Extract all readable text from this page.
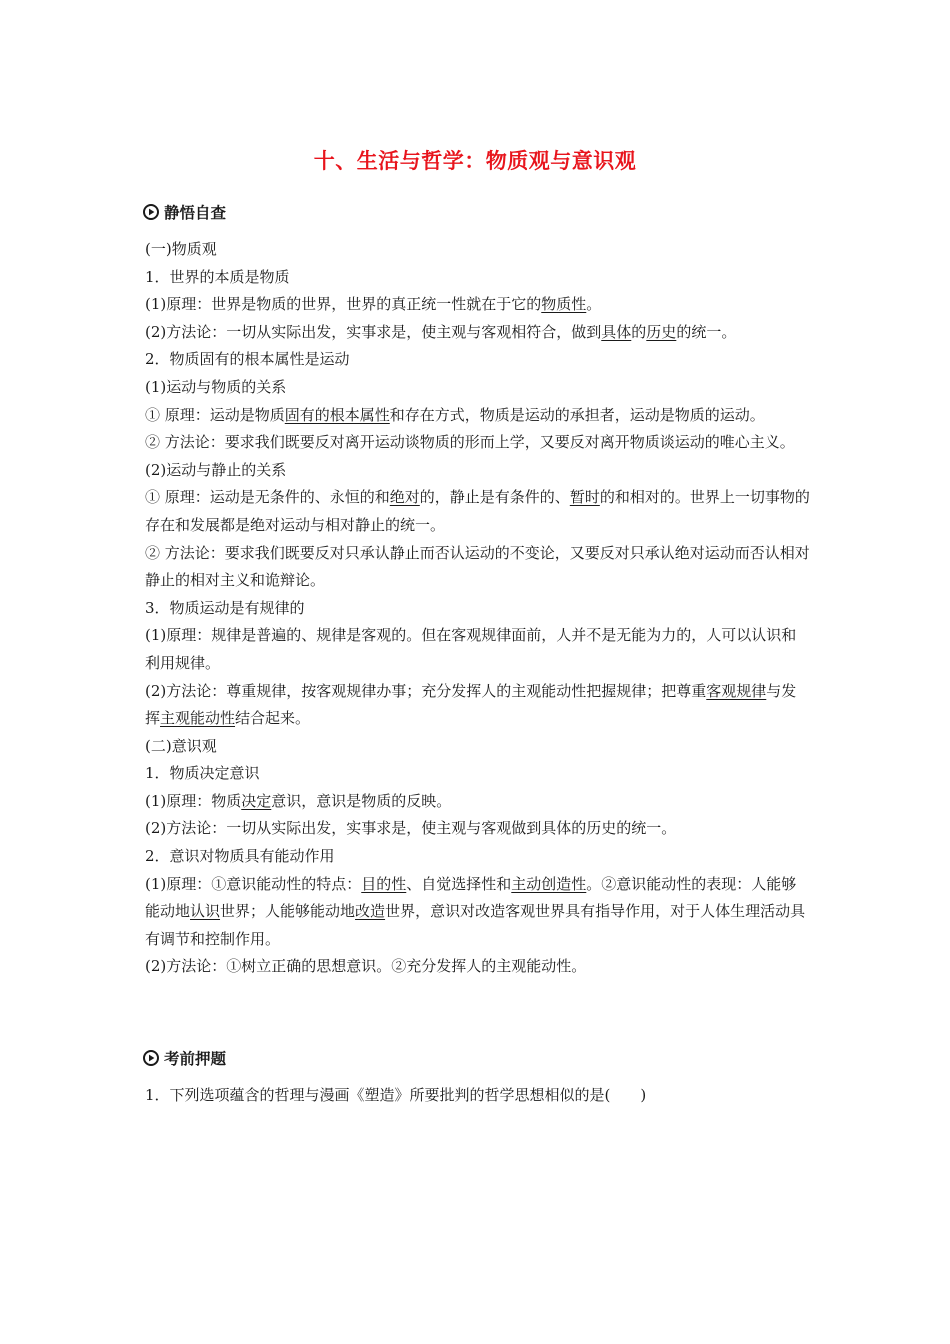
十、生活与哲学：物质观与意识观
静悟自查

(一)物质观

1．世界的本质是物质

(1)原理：世界是物质的世界，世界的真正统一性就在于它的物质性。

(2)方法论：一切从实际出发，实事求是，使主观与客观相符合，做到具体的历史的统一。

2．物质固有的根本属性是运动

(1)运动与物质的关系

① 原理：运动是物质固有的根本属性和存在方式，物质是运动的承担者，运动是物质的运动。

② 方法论：要求我们既要反对离开运动谈物质的形而上学，又要反对离开物质谈运动的唯心主义。

(2)运动与静止的关系

① 原理：运动是无条件的、永恒的和绝对的，静止是有条件的、暂时的和相对的。世界上一切事物的存在和发展都是绝对运动与相对静止的统一。

② 方法论：要求我们既要反对只承认静止而否认运动的不变论，又要反对只承认绝对运动而否认相对静止的相对主义和诡辩论。

3．物质运动是有规律的

(1)原理：规律是普遍的、规律是客观的。但在客观规律面前，人并不是无能为力的，人可以认识和利用规律。

(2)方法论：尊重规律，按客观规律办事；充分发挥人的主观能动性把握规律；把尊重客观规律与发挥主观能动性结合起来。

(二)意识观

1．物质决定意识

(1)原理：物质决定意识，意识是物质的反映。

(2)方法论：一切从实际出发，实事求是，使主观与客观做到具体的历史的统一。

2．意识对物质具有能动作用

(1)原理：①意识能动性的特点：目的性、自觉选择性和主动创造性。②意识能动性的表现：人能够能动地认识世界；人能够能动地改造世界，意识对改造客观世界具有指导作用，对于人体生理活动具有调节和控制作用。

(2)方法论：①树立正确的思想意识。②充分发挥人的主观能动性。

考前押题

1．下列选项蕴含的哲理与漫画《塑造》所要批判的哲学思想相似的是(　　)
